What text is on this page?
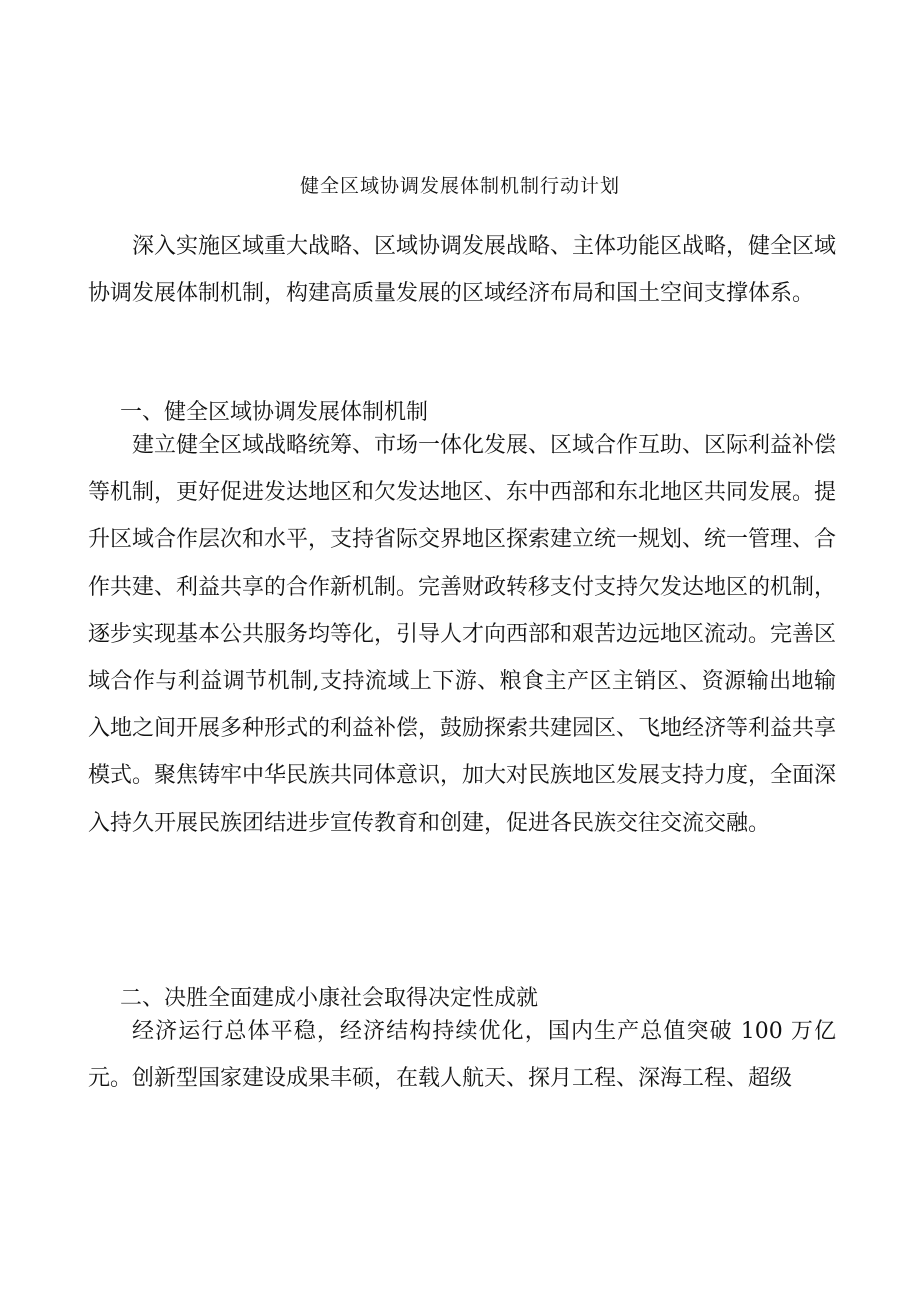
健全区域协调发展体制机制行动计划

深入实施区域重大战略、区域协调发展战略、主体功能区战略，健全区域协调发展体制机制，构建高质量发展的区域经济布局和国土空间支撑体系。

一、健全区域协调发展体制机制

建立健全区域战略统筹、市场一体化发展、区域合作互助、区际利益补偿等机制，更好促进发达地区和欠发达地区、东中西部和东北地区共同发展。提升区域合作层次和水平，支持省际交界地区探索建立统一规划、统一管理、合作共建、利益共享的合作新机制。完善财政转移支付支持欠发达地区的机制，逐步实现基本公共服务均等化，引导人才向西部和艰苦边远地区流动。完善区域合作与利益调节机制,支持流域上下游、粮食主产区主销区、资源输出地输入地之间开展多种形式的利益补偿，鼓励探索共建园区、飞地经济等利益共享模式。聚焦铸牢中华民族共同体意识，加大对民族地区发展支持力度，全面深入持久开展民族团结进步宣传教育和创建，促进各民族交往交流交融。

二、决胜全面建成小康社会取得决定性成就

经济运行总体平稳，经济结构持续优化，国内生产总值突破 100 万亿元。创新型国家建设成果丰硕，在载人航天、探月工程、深海工程、超级
